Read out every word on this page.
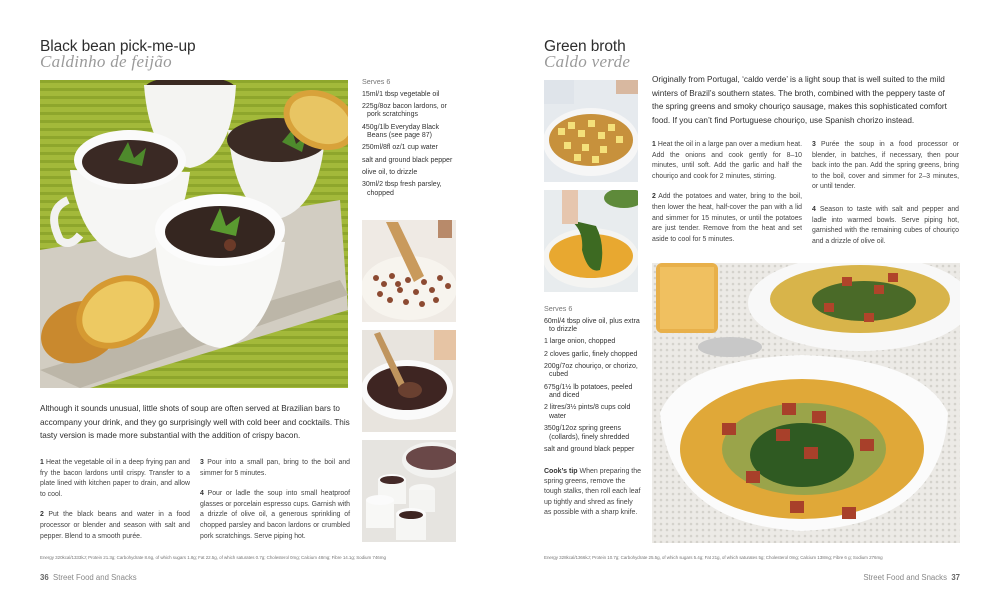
Black bean pick-me-up
Caldinho de feijão
Serves 6
15ml/1 tbsp vegetable oil
225g/8oz bacon lardons, or pork scratchings
450g/1lb Everyday Black Beans (see page 87)
250ml/8fl oz/1 cup water
salt and ground black pepper
olive oil, to drizzle
30ml/2 tbsp fresh parsley, chopped
Although it sounds unusual, little shots of soup are often served at Brazilian bars to accompany your drink, and they go surprisingly well with cold beer and cocktails. This tasty version is made more substantial with the addition of crispy bacon.

1 Heat the vegetable oil in a deep frying pan and fry the bacon lardons until crispy. Transfer to a plate lined with kitchen paper to drain, and allow to cool.

2 Put the black beans and water in a food processor or blender and season with salt and pepper. Blend to a smooth purée.

3 Pour into a small pan, bring to the boil and simmer for 5 minutes.

4 Pour or ladle the soup into small heatproof glasses or porcelain espresso cups. Garnish with a drizzle of olive oil, a generous sprinkling of chopped parsley and bacon lardons or crumbled pork scratchings. Serve piping hot.

Energy 320kcal/1333kJ; Protein 21.3g; Carbohydrate 8.6g, of which sugars 1.8g; Fat 22.5g, of which saturates 0.7g; Cholesterol 0mg; Calcium 48mg; Fibre 14.1g; Sodium 746mg
36 Street Food and Snacks
Green broth
Caldo verde
Originally from Portugal, ‘caldo verde’ is a light soup that is well suited to the mild winters of Brazil’s southern states. The broth, combined with the peppery taste of the spring greens and smoky chouriço sausage, makes this sophisticated comfort food. If you can’t find Portuguese chouriço, use Spanish chorizo instead.

1 Heat the oil in a large pan over a medium heat. Add the onions and cook gently for 8–10 minutes, until soft. Add the garlic and half the chouriço and cook for 2 minutes, stirring.

2 Add the potatoes and water, bring to the boil, then lower the heat, half-cover the pan with a lid and simmer for 15 minutes, or until the potatoes are just tender. Remove from the heat and set aside to cool for 5 minutes.

3 Purée the soup in a food processor or blender, in batches, if necessary, then pour back into the pan. Add the spring greens, bring to the boil, cover and simmer for 2–3 minutes, or until tender.

4 Season to taste with salt and pepper and ladle into warmed bowls. Serve piping hot, garnished with the remaining cubes of chouriço and a drizzle of olive oil.

Serves 6
60ml/4 tbsp olive oil, plus extra to drizzle
1 large onion, chopped
2 cloves garlic, finely chopped
200g/7oz chouriço, or chorizo, cubed
675g/1½ lb potatoes, peeled and diced
2 litres/3½ pints/8 cups cold water
350g/12oz spring greens (collards), finely shredded
salt and ground black pepper
Cook’s tip When preparing the spring greens, remove the tough stalks, then roll each leaf up tightly and shred as finely as possible with a sharp knife.
Energy 328kcal/1366kJ; Protein 10.7g; Carbohydrate 25.5g, of which sugars 5.4g; Fat 21g, of which saturates 5g; Cholesterol 0mg; Calcium 138mg; Fibre 6 g; Sodium 276mg
Street Food and Snacks 37
